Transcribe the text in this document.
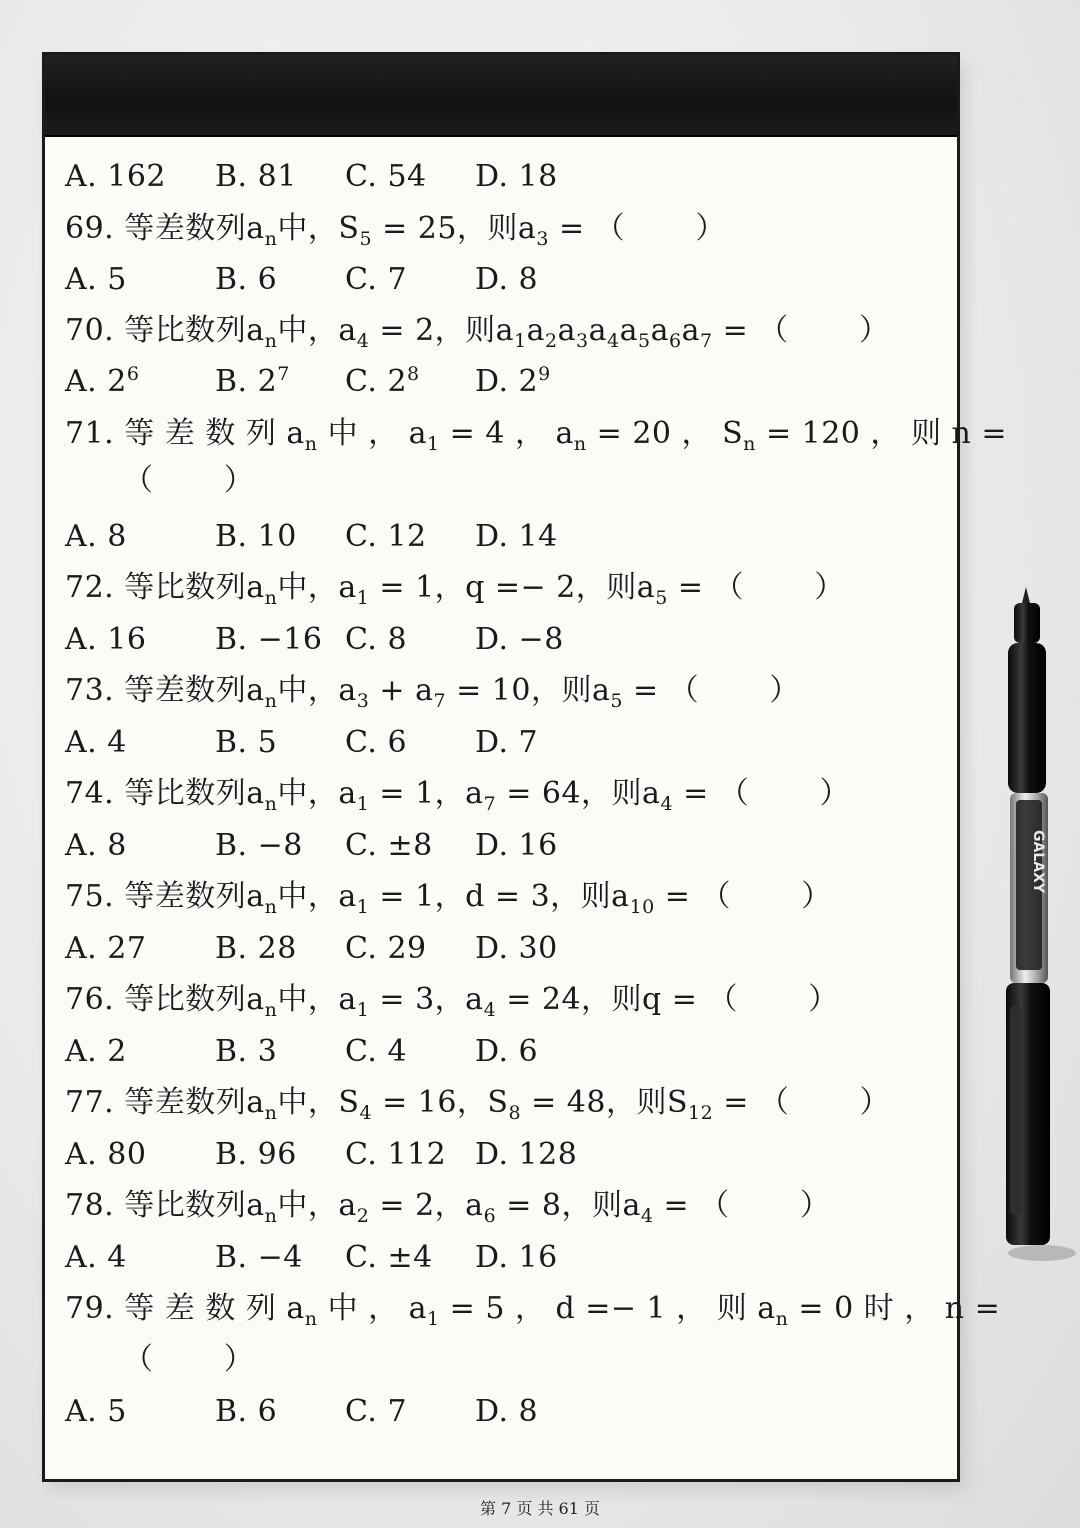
A. 162 B. 81 C. 54 D. 18
69. 等差数列$a_n$中，$S_5 = 25$，则$a_3$ = （       ）
A. 5	B. 6 C. 7 D. 8
70. 等比数列$a_n$中，$a_4 = 2$，则$a_1a_2a_3a_4a_5a_6a_7$ = （       ）
A. $2^6$	B. $2^7$ C. $2^8$ D. $2^9$
71. 等 差 数 列 $a_n$ 中 ， $a_1 = 4$ ， $a_n = 20$ ， $S_n = 120$ ， 则 n =
（       ）
A. 8	B. 10 C. 12 D. 14
72. 等比数列$a_n$中，$a_1 = 1$，q =− 2，则$a_5$ = （       ）
A. 16 B. −16 C. 8 D. −8
73. 等差数列$a_n$中，$a_3 + a_7 = 10$，则$a_5$ = （       ）
A. 4	B. 5 C. 6 D. 7
74. 等比数列$a_n$中，$a_1 = 1$，$a_7 = 64$，则$a_4$ = （       ）
A. 8	B. −8 C. ±8 D. 16
75. 等差数列$a_n$中，$a_1 = 1$，d = 3，则$a_{10}$ = （       ）
A. 27 B. 28 C. 29 D. 30
76. 等比数列$a_n$中，$a_1 = 3$，$a_4 = 24$，则q = （       ）
A. 2	B. 3 C. 4 D. 6
77. 等差数列$a_n$中，$S_4 = 16$，$S_8 = 48$，则$S_{12}$ = （       ）
A. 80 B. 96 C. 112 D. 128
78. 等比数列$a_n$中，$a_2 = 2$，$a_6 = 8$，则$a_4$ = （       ）
A. 4	B. −4 C. ±4 D. 16
79. 等 差 数 列 $a_n$ 中 ， $a_1 = 5$ ， d =− 1 ， 则 $a_n = 0$ 时 ， n =
（       ）
A. 5	B. 6 C. 7 D. 8
GALAXY
第 7 页 共 61 页
